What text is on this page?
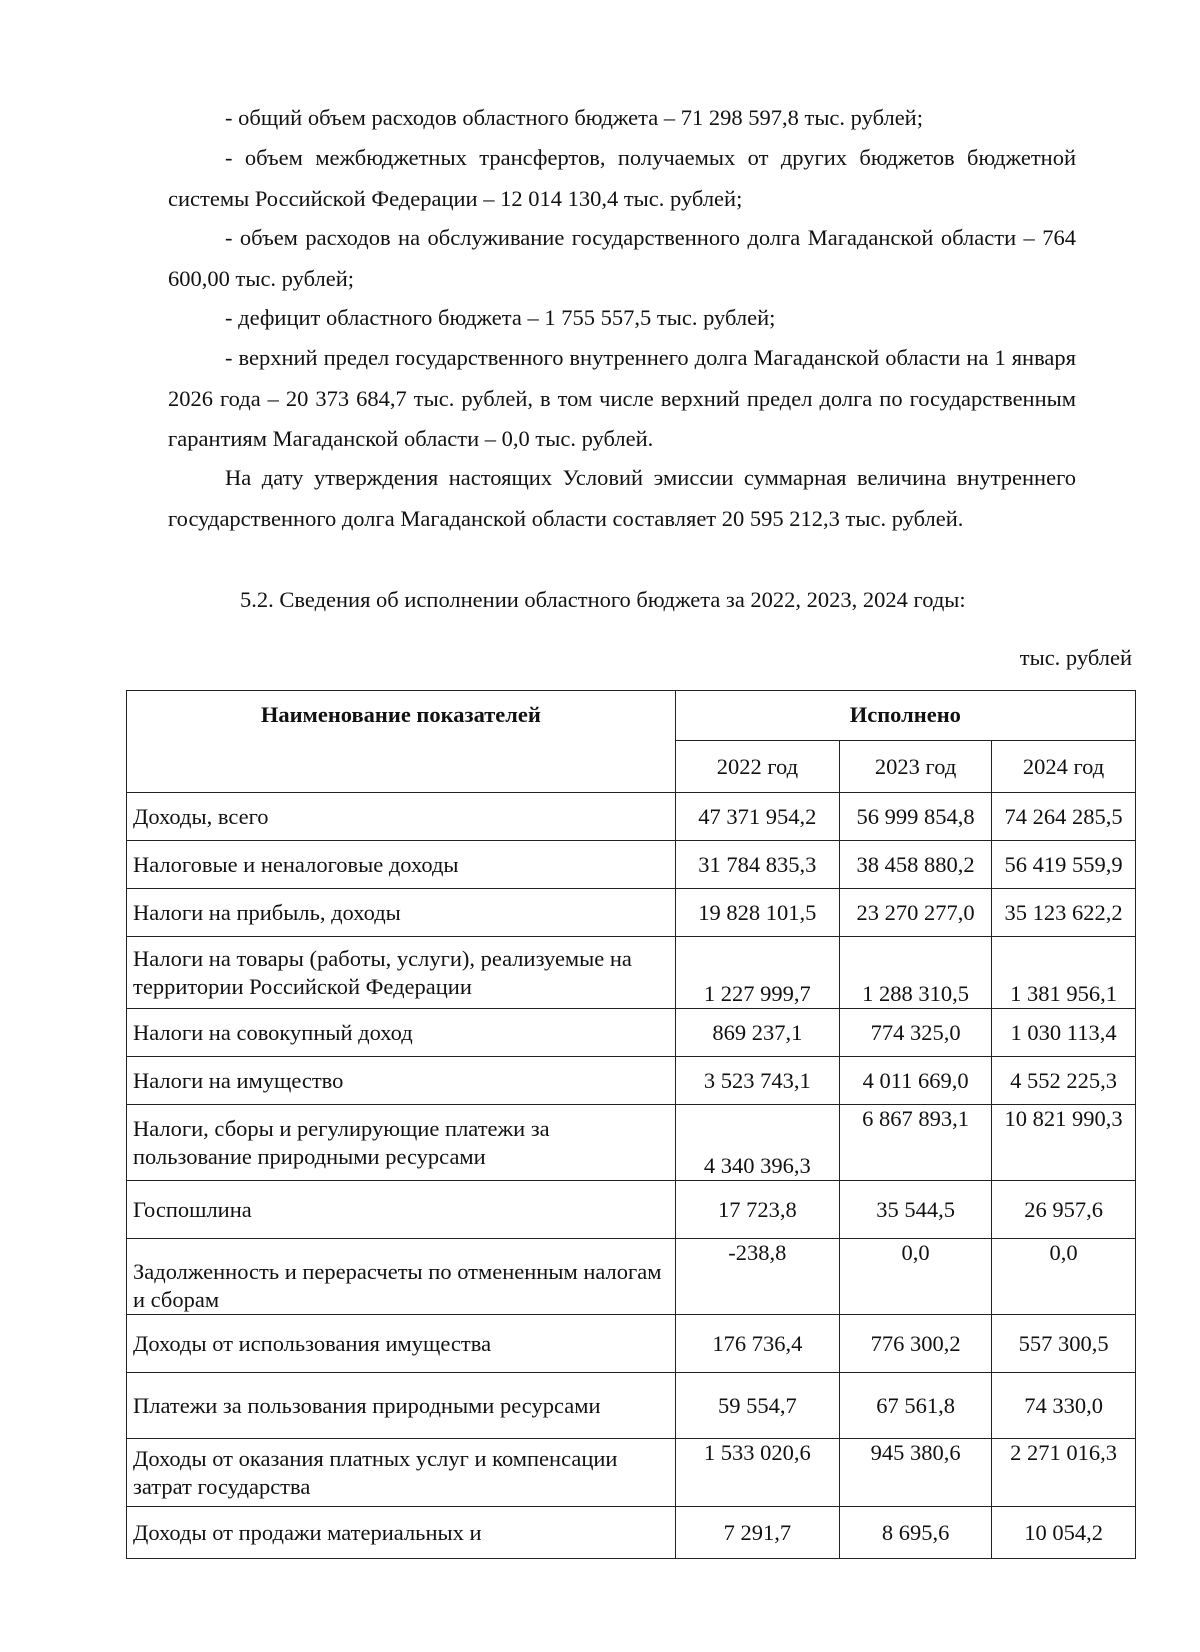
- общий объем расходов областного бюджета – 71 298 597,8 тыс. рублей;

- объем межбюджетных трансфертов, получаемых от других бюджетов бюджетной системы Российской Федерации – 12 014 130,4 тыс. рублей;

- объем расходов на обслуживание государственного долга Магаданской области – 764 600,00 тыс. рублей;

- дефицит областного бюджета – 1 755 557,5 тыс. рублей;

- верхний предел государственного внутреннего долга Магаданской области на 1 января 2026 года – 20 373 684,7 тыс. рублей, в том числе верхний предел долга по государственным гарантиям Магаданской области – 0,0 тыс. рублей.

На дату утверждения настоящих Условий эмиссии суммарная величина внутреннего государственного долга Магаданской области составляет 20 595 212,3 тыс. рублей.

5.2. Сведения об исполнении областного бюджета за 2022, 2023, 2024 годы:

тыс. рублей
Наименование показателей	Исполнено		
	2022 год	2023 год	2024 год
Доходы, всего	47 371 954,2	56 999 854,8	74 264 285,5
Налоговые и неналоговые доходы	31 784 835,3	38 458 880,2	56 419 559,9
Налоги на прибыль, доходы	19 828 101,5	23 270 277,0	35 123 622,2
Налоги на товары (работы, услуги), реализуемые на территории Российской Федерации	1 227 999,7	1 288 310,5	1 381 956,1
Налоги на совокупный доход	869 237,1	774 325,0	1 030 113,4
Налоги на имущество	3 523 743,1	4 011 669,0	4 552 225,3
Налоги, сборы и регулирующие платежи за пользование природными ресурсами	4 340 396,3	6 867 893,1	10 821 990,3
Госпошлина	17 723,8	35 544,5	26 957,6
Задолженность и перерасчеты по отмененным налогам и сборам	-238,8	0,0	0,0
Доходы от использования имущества	176 736,4	776 300,2	557 300,5
Платежи за пользования природными ресурсами	59 554,7	67 561,8	74 330,0
Доходы от оказания платных услуг и компенсации затрат государства	1 533 020,6	945 380,6	2 271 016,3
Доходы от продажи материальных и	7 291,7	8 695,6	10 054,2
